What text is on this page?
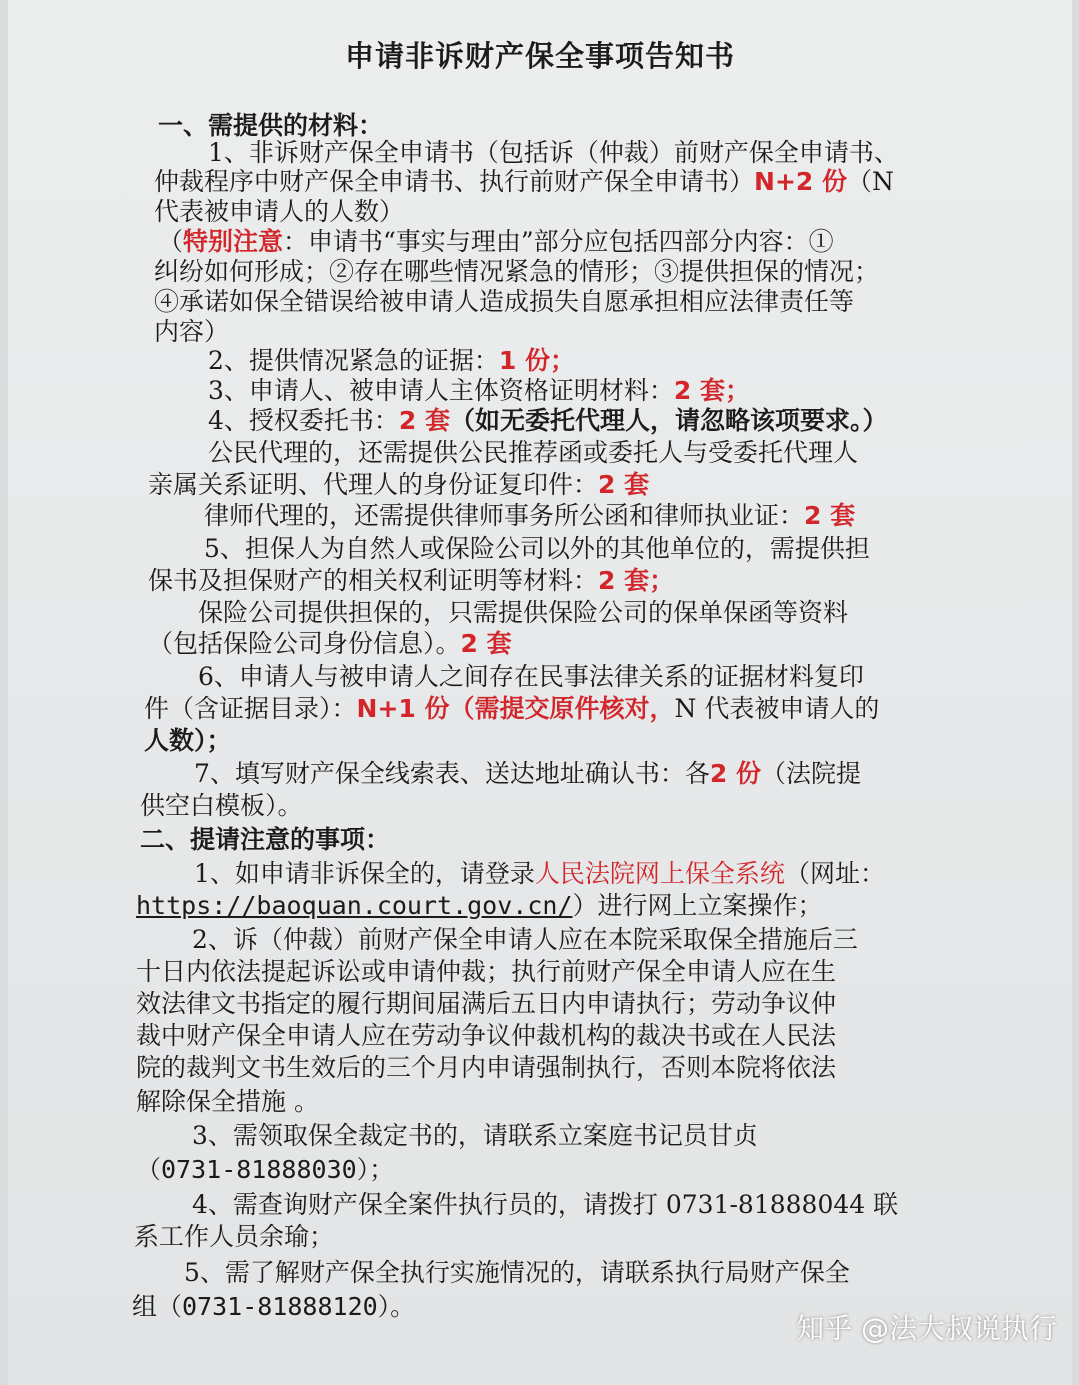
申请非诉财产保全事项告知书
一、需提供的材料：
1、非诉财产保全申请书（包括诉（仲裁）前财产保全申请书、
仲裁程序中财产保全申请书、执行前财产保全申请书）N+2 份（N
代表被申请人的人数）
（特别注意：申请书“事实与理由”部分应包括四部分内容：①
纠纷如何形成；②存在哪些情况紧急的情形；③提供担保的情况；
④承诺如保全错误给被申请人造成损失自愿承担相应法律责任等
内容）
2、提供情况紧急的证据：1 份；
3、申请人、被申请人主体资格证明材料：2 套；
4、授权委托书：2 套（如无委托代理人，请忽略该项要求。）
公民代理的，还需提供公民推荐函或委托人与受委托代理人
亲属关系证明、代理人的身份证复印件：2 套
律师代理的，还需提供律师事务所公函和律师执业证：2 套
5、担保人为自然人或保险公司以外的其他单位的，需提供担
保书及担保财产的相关权利证明等材料：2 套；
保险公司提供担保的，只需提供保险公司的保单保函等资料
（包括保险公司身份信息）。2 套
6、申请人与被申请人之间存在民事法律关系的证据材料复印
件（含证据目录）：N+1 份（需提交原件核对，N 代表被申请人的
人数）；
7、填写财产保全线索表、送达地址确认书：各2 份（法院提
供空白模板）。
二、提请注意的事项：
1、如申请非诉保全的，请登录人民法院网上保全系统（网址：
https://baoquan.court.gov.cn/）进行网上立案操作；
2、诉（仲裁）前财产保全申请人应在本院采取保全措施后三
十日内依法提起诉讼或申请仲裁；执行前财产保全申请人应在生
效法律文书指定的履行期间届满后五日内申请执行；劳动争议仲
裁中财产保全申请人应在劳动争议仲裁机构的裁决书或在人民法
院的裁判文书生效后的三个月内申请强制执行，否则本院将依法
解除保全措施 。
3、需领取保全裁定书的，请联系立案庭书记员甘贞
（0731-81888030）；
4、需查询财产保全案件执行员的，请拨打 0731-81888044 联
系工作人员余瑜；
5、需了解财产保全执行实施情况的，请联系执行局财产保全
组（0731-81888120）。
知乎 @法大叔说执行
